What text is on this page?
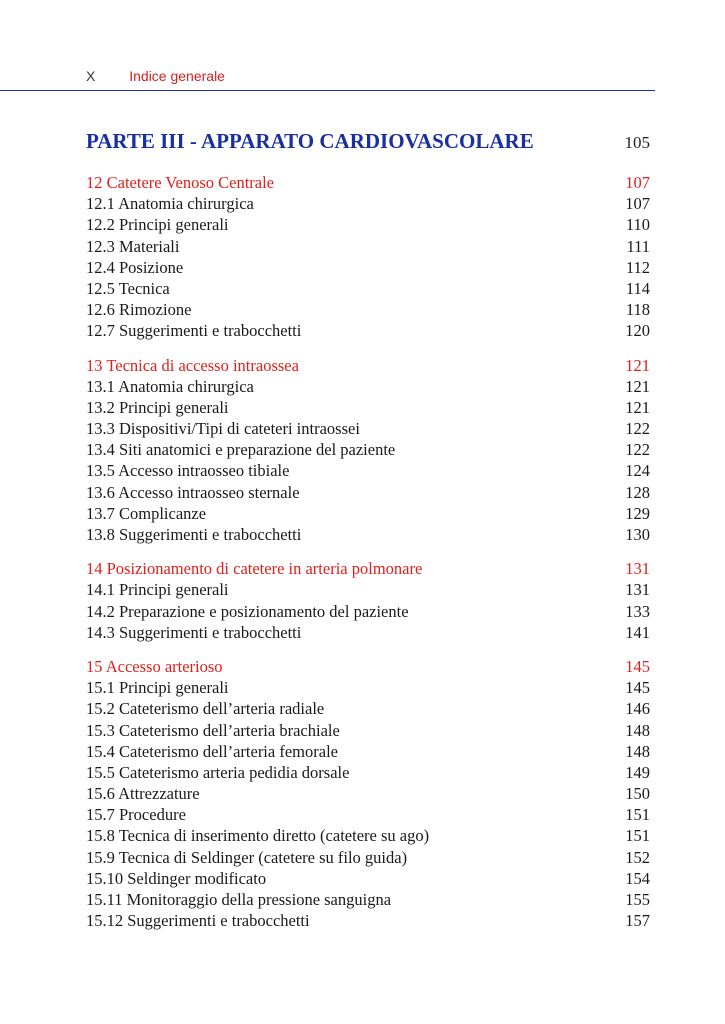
X Indice generale
PARTE III - APPARATO CARDIOVASCOLARE	105
12 Catetere Venoso Centrale	107
12.1 Anatomia chirurgica	107
12.2 Principi generali	110
12.3 Materiali	111
12.4 Posizione	112
12.5 Tecnica	114
12.6 Rimozione	118
12.7 Suggerimenti e trabocchetti	120
13 Tecnica di accesso intraossea	121
13.1 Anatomia chirurgica	121
13.2 Principi generali	121
13.3 Dispositivi/Tipi di cateteri intraossei	122
13.4 Siti anatomici e preparazione del paziente	122
13.5 Accesso intraosseo tibiale	124
13.6 Accesso intraosseo sternale	128
13.7 Complicanze	129
13.8 Suggerimenti e trabocchetti	130
14 Posizionamento di catetere in arteria polmonare	131
14.1 Principi generali	131
14.2 Preparazione e posizionamento del paziente	133
14.3 Suggerimenti e trabocchetti	141
15 Accesso arterioso	145
15.1 Principi generali	145
15.2 Cateterismo dell’arteria radiale	146
15.3 Cateterismo dell’arteria brachiale	148
15.4 Cateterismo dell’arteria femorale	148
15.5 Cateterismo arteria pedidia dorsale	149
15.6 Attrezzature	150
15.7 Procedure	151
15.8 Tecnica di inserimento diretto (catetere su ago)	151
15.9 Tecnica di Seldinger (catetere su filo guida)	152
15.10 Seldinger modificato	154
15.11 Monitoraggio della pressione sanguigna	155
15.12 Suggerimenti e trabocchetti	157
